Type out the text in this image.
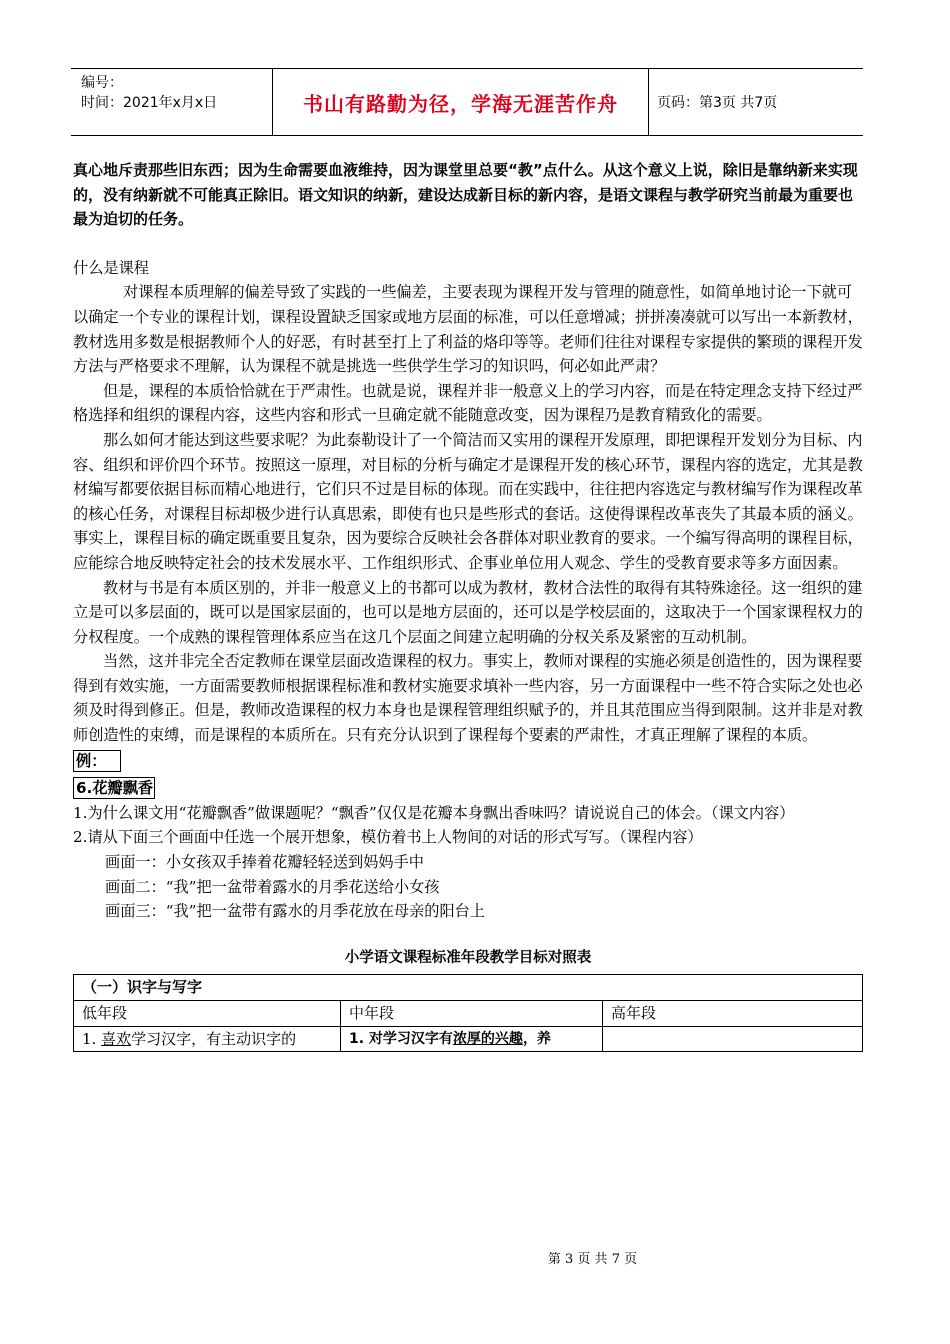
编号：
时间：2021年x月x日	书山有路勤为径，学海无涯苦作舟	页码：第3页 共7页

真心地斥责那些旧东西；因为生命需要血液维持，因为课堂里总要“教”点什么。从这个意义上说，除旧是靠纳新来实现的，没有纳新就不可能真正除旧。语文知识的纳新，建设达成新目标的新内容，是语文课程与教学研究当前最为重要也最为迫切的任务。

什么是课程

对课程本质理解的偏差导致了实践的一些偏差，主要表现为课程开发与管理的随意性，如简单地讨论一下就可以确定一个专业的课程计划，课程设置缺乏国家或地方层面的标准，可以任意增减；拼拼凑凑就可以写出一本新教材，教材选用多数是根据教师个人的好恶，有时甚至打上了利益的烙印等等。老师们往往对课程专家提供的繁琐的课程开发方法与严格要求不理解，认为课程不就是挑选一些供学生学习的知识吗，何必如此严肃？

但是，课程的本质恰恰就在于严肃性。也就是说，课程并非一般意义上的学习内容，而是在特定理念支持下经过严格选择和组织的课程内容，这些内容和形式一旦确定就不能随意改变，因为课程乃是教育精致化的需要。

那么如何才能达到这些要求呢？为此泰勒设计了一个简洁而又实用的课程开发原理，即把课程开发划分为目标、内容、组织和评价四个环节。按照这一原理，对目标的分析与确定才是课程开发的核心环节，课程内容的选定，尤其是教材编写都要依据目标而精心地进行，它们只不过是目标的体现。而在实践中，往往把内容选定与教材编写作为课程改革的核心任务，对课程目标却极少进行认真思索，即使有也只是些形式的套话。这使得课程改革丧失了其最本质的涵义。事实上，课程目标的确定既重要且复杂，因为要综合反映社会各群体对职业教育的要求。一个编写得高明的课程目标，应能综合地反映特定社会的技术发展水平、工作组织形式、企事业单位用人观念、学生的受教育要求等多方面因素。

教材与书是有本质区别的，并非一般意义上的书都可以成为教材，教材合法性的取得有其特殊途径。这一组织的建立是可以多层面的，既可以是国家层面的，也可以是地方层面的，还可以是学校层面的，这取决于一个国家课程权力的分权程度。一个成熟的课程管理体系应当在这几个层面之间建立起明确的分权关系及紧密的互动机制。

当然，这并非完全否定教师在课堂层面改造课程的权力。事实上，教师对课程的实施必须是创造性的，因为课程要得到有效实施，一方面需要教师根据课程标准和教材实施要求填补一些内容，另一方面课程中一些不符合实际之处也必须及时得到修正。但是，教师改造课程的权力本身也是课程管理组织赋予的，并且其范围应当得到限制。这并非是对教师创造性的束缚，而是课程的本质所在。只有充分认识到了课程每个要素的严肃性，才真正理解了课程的本质。

例：
6.花瓣飘香

1.为什么课文用“花瓣飘香”做课题呢？“飘香”仅仅是花瓣本身飘出香味吗？请说说自己的体会。（课文内容）

2.请从下面三个画面中任选一个展开想象，模仿着书上人物间的对话的形式写写。（课程内容）

画面一：小女孩双手捧着花瓣轻轻送到妈妈手中

画面二：“我”把一盆带着露水的月季花送给小女孩

画面三：“我”把一盆带有露水的月季花放在母亲的阳台上

小学语文课程标准年段教学目标对照表
（一）识字与写字		
低年段	中年段	高年段
1. 喜欢学习汉字，有主动识字的	1. 对学习汉字有浓厚的兴趣，养	
第 3 页 共 7 页
